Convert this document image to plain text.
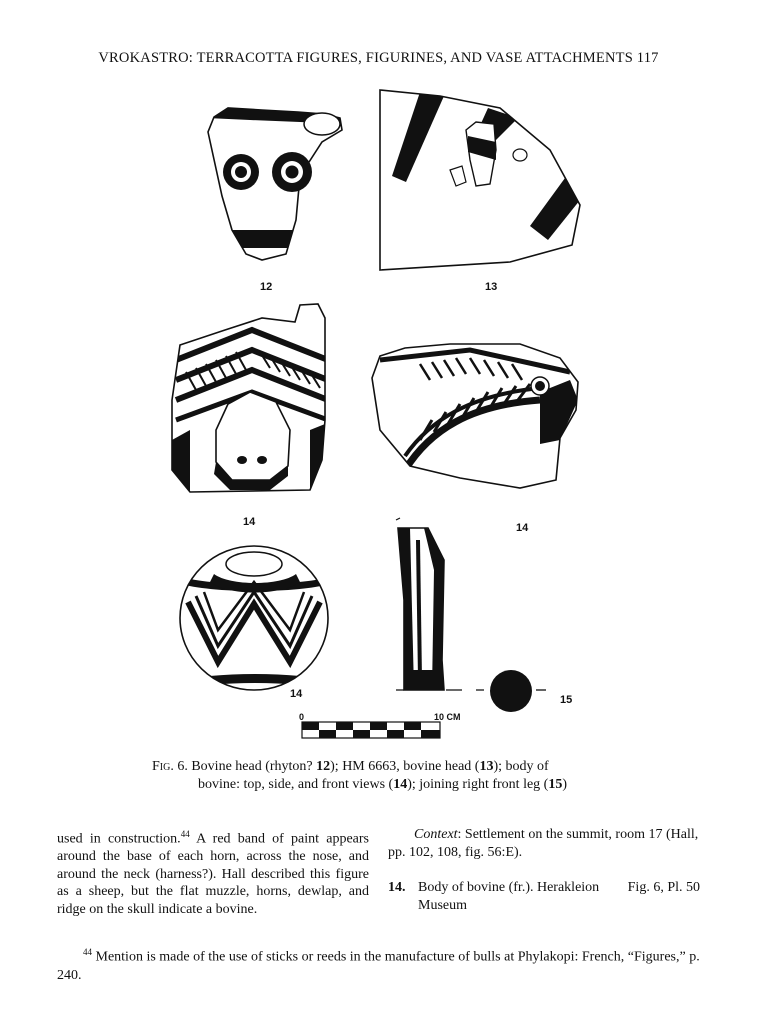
VROKASTRO: TERRACOTTA FIGURES, FIGURINES, AND VASE ATTACHMENTS 117
12	13
14	14
14	15
0	10 CM
Fig. 6. Bovine head (rhyton? 12); HM 6663, bovine head (13); body of
bovine: top, side, and front views (14); joining right front leg (15)
used in construction.$^{44}$ A red band of paint appears around the base of each horn, across the nose, and around the neck (harness?). Hall described this figure as a sheep, but the flat muzzle, horns, dewlap, and ridge on the skull indicate a bovine.

Context: Settlement on the summit, room 17 (Hall, pp. 102, 108, fig. 56:E).

14. Body of bovine (fr.). Herakleion Museum
Fig. 6, Pl. 50
$^{44}$ Mention is made of the use of sticks or reeds in the manufacture of bulls at Phylakopi: French, “Figures,” p. 240.
